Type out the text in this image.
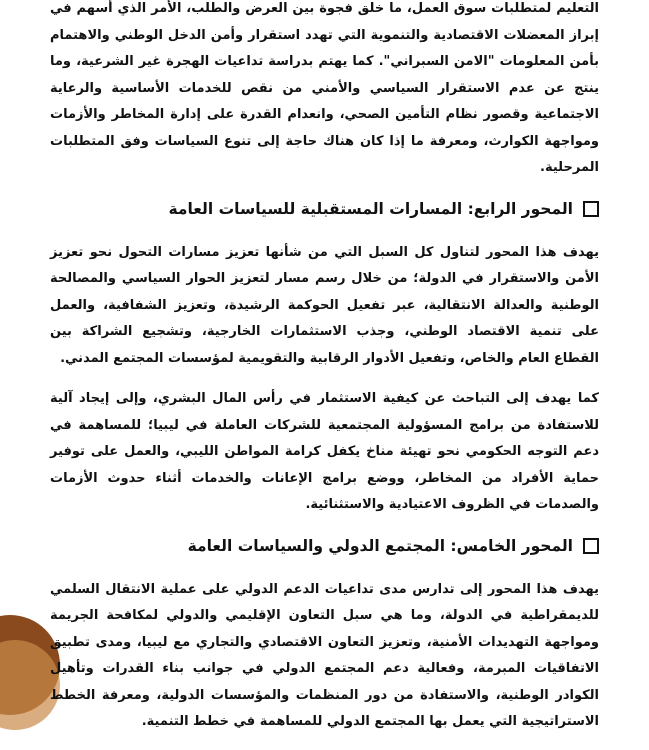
التعليم لمتطلبات سوق العمل، ما خلق فجوة بين العرض والطلب، الأمر الذي أسهم في إبراز المعضلات الاقتصادية والتنموية التي تهدد استقرار وأمن الدخل الوطني والاهتمام بأمن المعلومات "الامن السبراني". كما يهتم بدراسة تداعيات الهجرة غير الشرعية، وما ينتج عن عدم الاستقرار السياسي والأمني من نقص للخدمات الأساسية والرعاية الاجتماعية وقصور نظام التأمين الصحي، وانعدام القدرة على إدارة المخاطر والأزمات ومواجهة الكوارث، ومعرفة ما إذا كان هناك حاجة إلى تنوع السياسات وفق المتطلبات المرحلية.

المحور الرابع: المسارات المستقبلية للسياسات العامة

يهدف هذا المحور لتناول كل السبل التي من شأنها تعزيز مسارات التحول نحو تعزيز الأمن والاستقرار في الدولة؛ من خلال رسم مسار لتعزيز الحوار السياسي والمصالحة الوطنية والعدالة الانتقالية، عبر تفعيل الحوكمة الرشيدة، وتعزيز الشفافية، والعمل على تنمية الاقتصاد الوطني، وجذب الاستثمارات الخارجية، وتشجيع الشراكة بين القطاع العام والخاص، وتفعيل الأدوار الرقابية والتقويمية لمؤسسات المجتمع المدني.

كما يهدف إلى التباحث عن كيفية الاستثمار في رأس المال البشري، وإلى إيجاد آلية للاستفادة من برامج المسؤولية المجتمعية للشركات العاملة في ليبيا؛ للمساهمة في دعم التوجه الحكومي نحو تهيئة مناخ يكفل كرامة المواطن الليبي، والعمل على توفير حماية الأفراد من المخاطر، ووضع برامج الإعانات والخدمات أثناء حدوث الأزمات والصدمات في الظروف الاعتيادية والاستثنائية.

المحور الخامس: المجتمع الدولي والسياسات العامة

يهدف هذا المحور إلى تدارس مدى تداعيات الدعم الدولي على عملية الانتقال السلمي للديمقراطية في الدولة، وما هي سبل التعاون الإقليمي والدولي لمكافحة الجريمة ومواجهة التهديدات الأمنية، وتعزيز التعاون الاقتصادي والتجاري مع ليبيا، ومدى تطبيق الاتفاقيات المبرمة، وفعالية دعم المجتمع الدولي في جوانب بناء القدرات وتأهيل الكوادر الوطنية، والاستفادة من دور المنظمات والمؤسسات الدولية، ومعرفة الخطط الاستراتيجية التي يعمل بها المجتمع الدولي للمساهمة في خطط التنمية.
